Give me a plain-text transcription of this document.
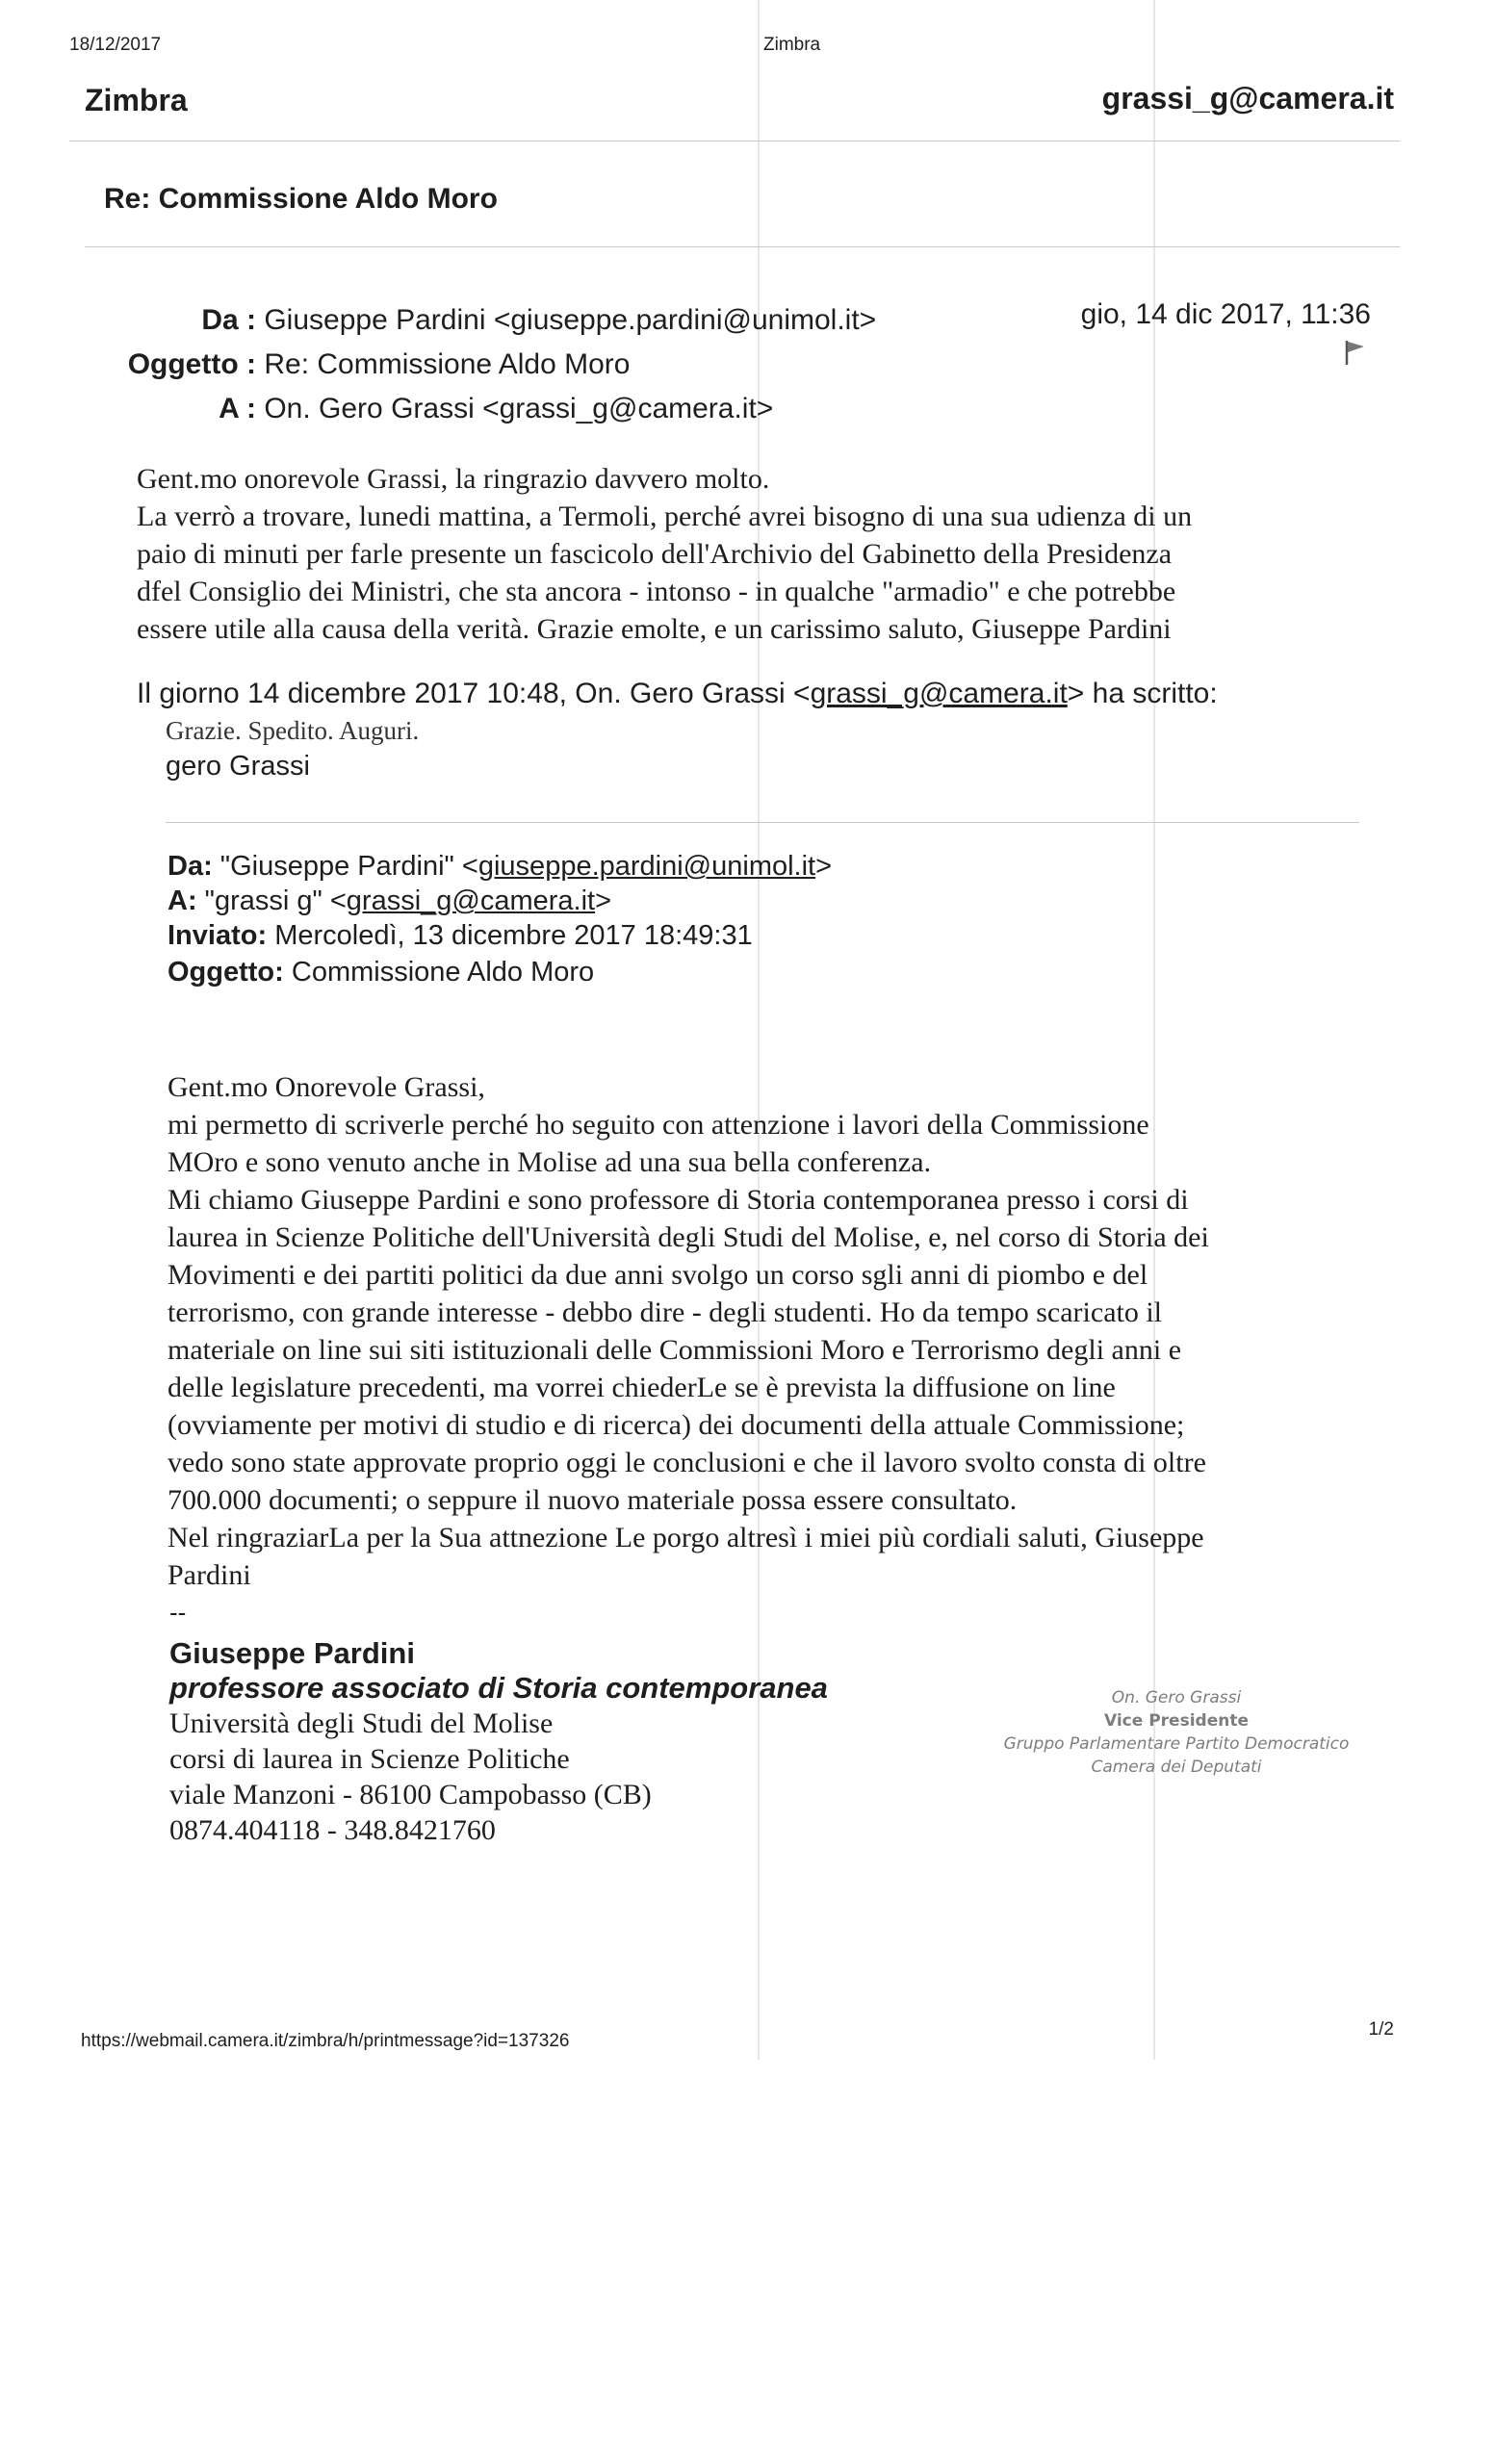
18/12/2017	Zimbra
Zimbra	grassi_g@camera.it
Re: Commissione Aldo Moro
Da : Giuseppe Pardini <giuseppe.pardini@unimol.it>
Oggetto : Re: Commissione Aldo Moro
A : On. Gero Grassi <grassi_g@camera.it>
gio, 14 dic 2017, 11:36
Gent.mo onorevole Grassi, la ringrazio davvero molto.
La verrò a trovare, lunedi mattina, a Termoli, perché avrei bisogno di una sua udienza di un
paio di minuti per farle presente un fascicolo dell'Archivio del Gabinetto della Presidenza
dfel Consiglio dei Ministri, che sta ancora - intonso - in qualche "armadio" e che potrebbe
essere utile alla causa della verità. Grazie emolte, e un carissimo saluto, Giuseppe Pardini
Il giorno 14 dicembre 2017 10:48, On. Gero Grassi <grassi_g@camera.it> ha scritto:
Grazie. Spedito. Auguri.
gero Grassi
Da: "Giuseppe Pardini" <giuseppe.pardini@unimol.it>
A: "grassi g" <grassi_g@camera.it>
Inviato: Mercoledì, 13 dicembre 2017 18:49:31
Oggetto: Commissione Aldo Moro
Gent.mo Onorevole Grassi,
mi permetto di scriverle perché ho seguito con attenzione i lavori della Commissione
MOro e sono venuto anche in Molise ad una sua bella conferenza.
Mi chiamo Giuseppe Pardini e sono professore di Storia contemporanea presso i corsi di
laurea in Scienze Politiche dell'Università degli Studi del Molise, e, nel corso di Storia dei
Movimenti e dei partiti politici da due anni svolgo un corso sgli anni di piombo e del
terrorismo, con grande interesse - debbo dire - degli studenti. Ho da tempo scaricato il
materiale on line sui siti istituzionali delle Commissioni Moro e Terrorismo degli anni e
delle legislature precedenti, ma vorrei chiederLe se è prevista la diffusione on line
(ovviamente per motivi di studio e di ricerca) dei documenti della attuale Commissione;
vedo sono state approvate proprio oggi le conclusioni e che il lavoro svolto consta di oltre
700.000 documenti; o seppure il nuovo materiale possa essere consultato.
Nel ringraziarLa per la Sua attnezione Le porgo altresì i miei più cordiali saluti, Giuseppe
Pardini
--
Giuseppe Pardini
professore associato di Storia contemporanea
Università degli Studi del Molise
corsi di laurea in Scienze Politiche
viale Manzoni - 86100 Campobasso (CB)
0874.404118 - 348.8421760
On. Gero Grassi
Vice Presidente
Gruppo Parlamentare Partito Democratico
Camera dei Deputati
https://webmail.camera.it/zimbra/h/printmessage?id=137326
1/2
